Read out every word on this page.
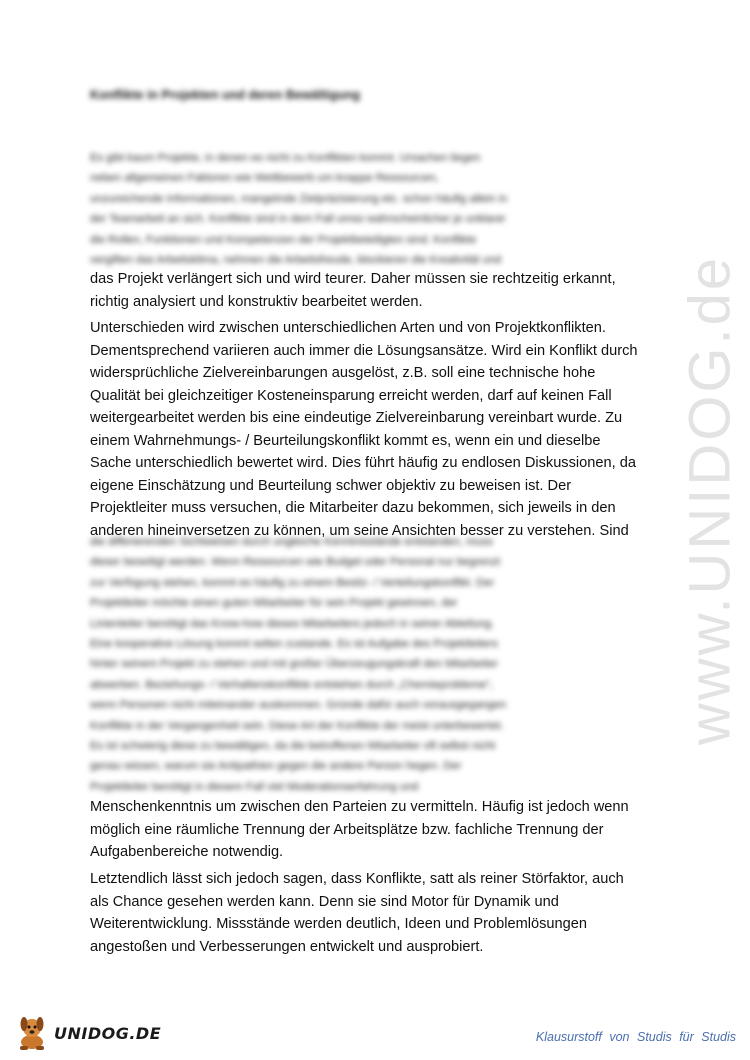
www.UNIDOG.de
Konflikte in Projekten und deren Bewältigung
Es gibt kaum Projekte, in denen es nicht zu Konflikten kommt. Ursachen liegen
neben allgemeinen Faktoren wie Wettbewerb um knappe Ressourcen,
unzureichende Informationen, mangelnde Zielpräzisierung etc. schon häufig allein in
der Teamarbeit an sich. Konflikte sind in dem Fall umso wahrscheinlicher je unklarer
die Rollen, Funktionen und Kompetenzen der Projektbeteiligten sind. Konflikte
vergiften das Arbeitsklima, nehmen die Arbeitsfreude, blockieren die Kreativität und
das Projekt verlängert sich und wird teurer. Daher müssen sie rechtzeitig erkannt,
richtig analysiert und konstruktiv bearbeitet werden.
Unterschieden wird zwischen unterschiedlichen Arten und von Projektkonflikten.
Dementsprechend variieren auch immer die Lösungsansätze. Wird ein Konflikt durch
widersprüchliche Zielvereinbarungen ausgelöst, z.B. soll eine technische hohe
Qualität bei gleichzeitiger Kosteneinsparung erreicht werden, darf auf keinen Fall
weitergearbeitet werden bis eine eindeutige Zielvereinbarung vereinbart wurde. Zu
einem Wahrnehmungs- / Beurteilungskonflikt kommt es, wenn ein und dieselbe
Sache unterschiedlich bewertet wird. Dies führt häufig zu endlosen Diskussionen, da
eigene Einschätzung und Beurteilung schwer objektiv zu beweisen ist. Der
Projektleiter muss versuchen, die Mitarbeiter dazu bekommen, sich jeweils in den
anderen hineinversetzen zu können, um seine Ansichten besser zu verstehen. Sind
die differierenden Sichtweisen durch ungleiche Kenntnisstände entstanden, muss
dieser beseitigt werden. Wenn Ressourcen wie Budget oder Personal nur begrenzt
zur Verfügung stehen, kommt es häufig zu einem Besitz- / Verteilungskonflikt. Der
Projektleiter möchte einen guten Mitarbeiter für sein Projekt gewinnen, der
Linienleiter benötigt das Know-how dieses Mitarbeiters jedoch in seiner Abteilung.
Eine kooperative Lösung kommt selten zustande. Es ist Aufgabe des Projektleiters
hinter seinem Projekt zu stehen und mit großer Überzeugungskraft den Mitarbeiter
abwerben. Beziehungs- / Verhaltenskonflikte entstehen durch „Chemieprobleme“,
wenn Personen nicht miteinander auskommen. Gründe dafür auch vorausgegangen
Konflikte in der Vergangenheit sein. Diese Art der Konflikte der meist unterbewertet.
Es ist schwierig diese zu bewältigen, da die betroffenen Mitarbeiter oft selbst nicht
genau wissen, warum sie Antipathien gegen die andere Person hegen. Der
Projektleiter benötigt in diesem Fall viel Moderationserfahrung und
Menschenkenntnis um zwischen den Parteien zu vermitteln. Häufig ist jedoch wenn
möglich eine räumliche Trennung der Arbeitsplätze bzw. fachliche Trennung der
Aufgabenbereiche notwendig.
Letztendlich lässt sich jedoch sagen, dass Konflikte, satt als reiner Störfaktor, auch
als Chance gesehen werden kann. Denn sie sind Motor für Dynamik und
Weiterentwicklung. Missstände werden deutlich, Ideen und Problemlösungen
angestoßen und Verbesserungen entwickelt und ausprobiert.
UNIDOG.DE	Klausurstoff von Studis für Studis
